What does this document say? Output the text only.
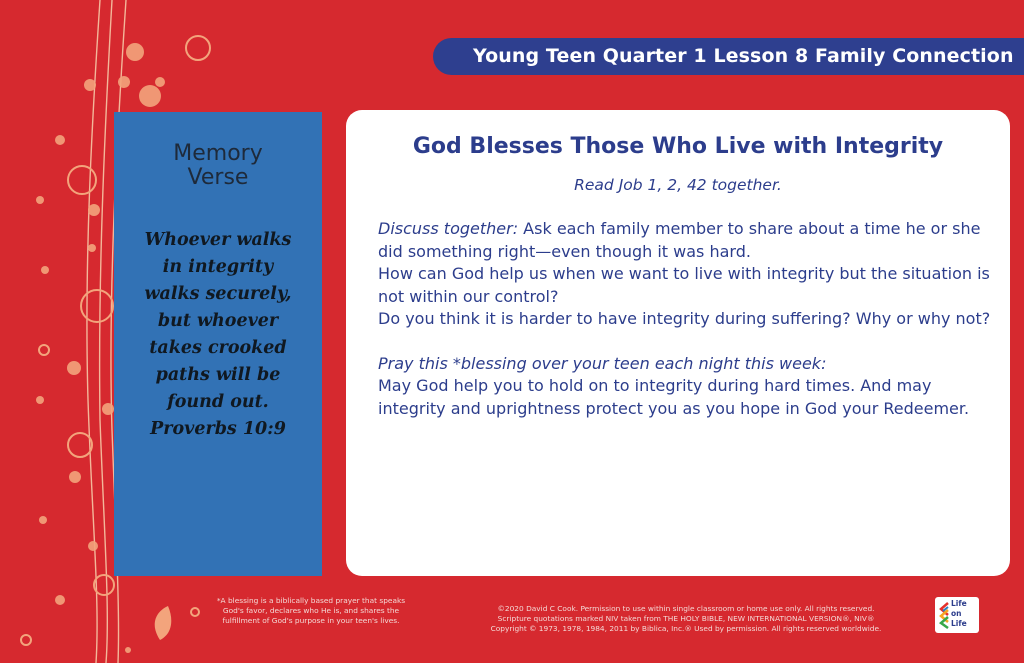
Young Teen Quarter 1 Lesson 8 Family Connection
Memory
Verse
Whoever walks
in integrity
walks securely,
but whoever
takes crooked
paths will be
found out.
Proverbs 10:9
God Blesses Those Who Live with Integrity
Read Job 1, 2, 42 together.

Discuss together: Ask each family member to share about a time he or she did something right—even though it was hard.

How can God help us when we want to live with integrity but the situation is not within our control?

Do you think it is harder to have integrity during suffering? Why or why not?

Pray this *blessing over your teen each night this week:

May God help you to hold on to integrity during hard times. And may integrity and uprightness protect you as you hope in God your Redeemer.

*A blessing is a biblically based prayer that speaks
God's favor, declares who He is, and shares the
fulfillment of God's purpose in your teen's lives.
©2020 David C Cook. Permission to use within single classroom or home use only. All rights reserved.
Scripture quotations marked NIV taken from THE HOLY BIBLE, NEW INTERNATIONAL VERSION®, NIV®
Copyright © 1973, 1978, 1984, 2011 by Biblica, Inc.® Used by permission. All rights reserved worldwide.
Life
on
Life
